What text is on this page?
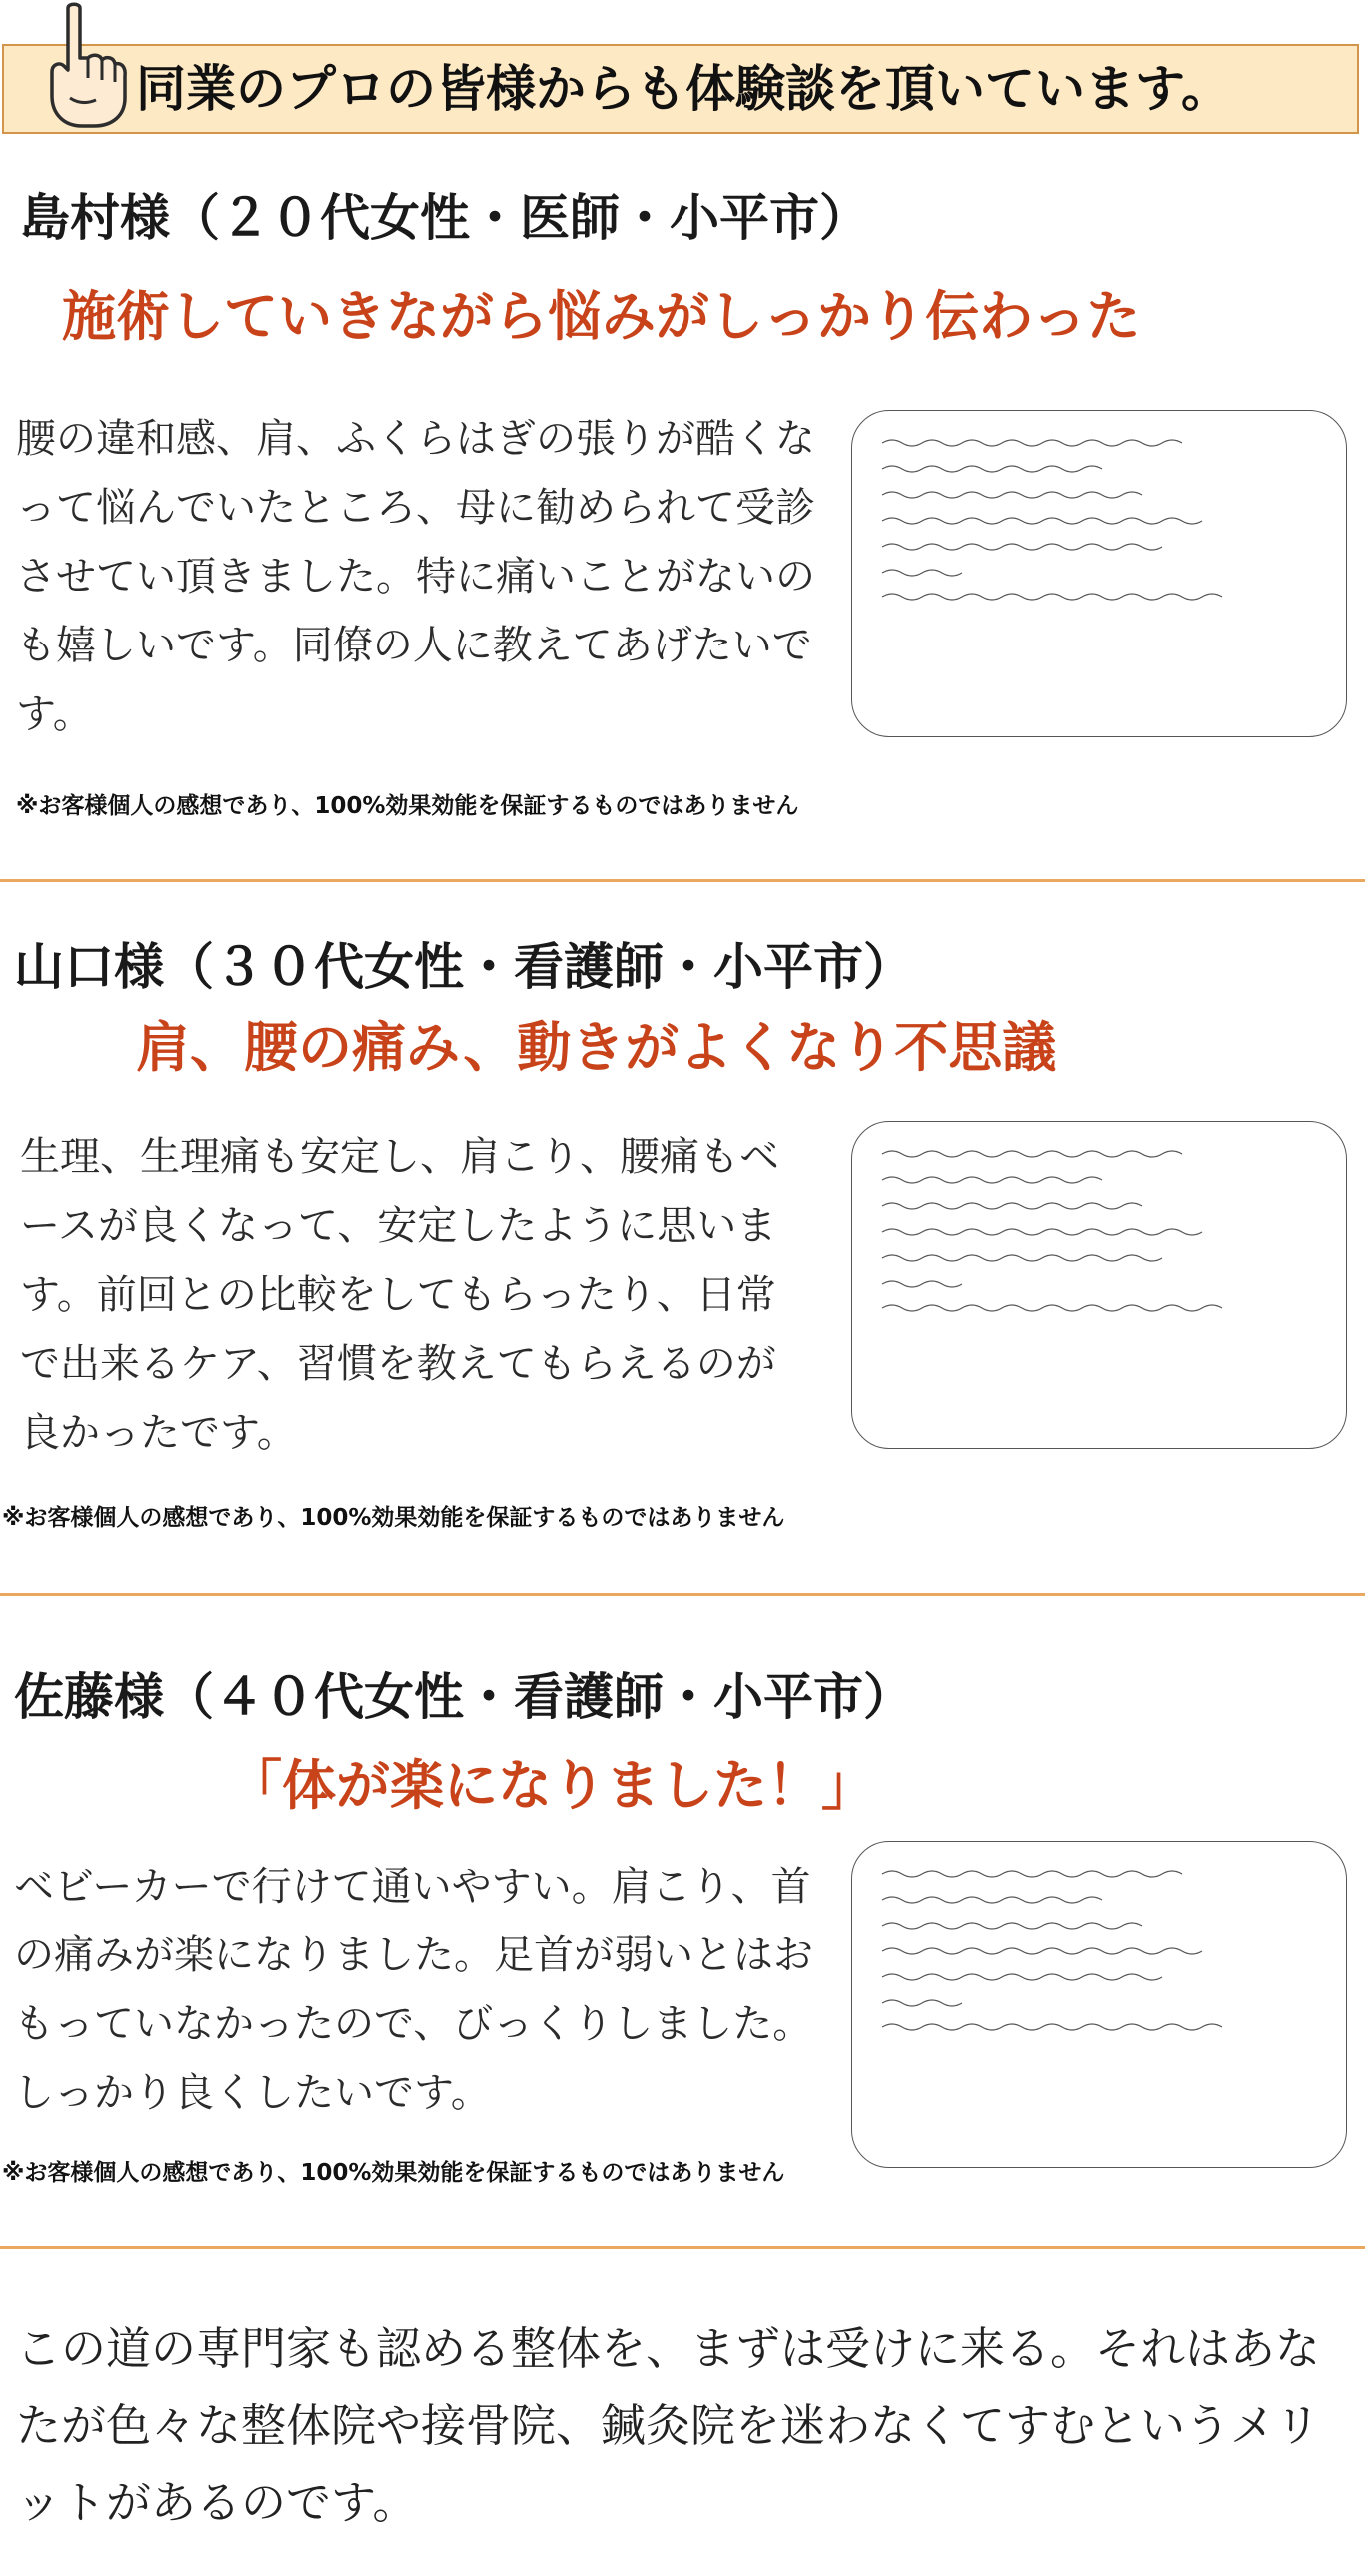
同業のプロの皆様からも体験談を頂いています。
島村様（２０代女性・医師・小平市）
施術していきながら悩みがしっかり伝わった

腰の違和感、肩、ふくらはぎの張りが酷くなって悩んでいたところ、母に勧められて受診させてい頂きました。特に痛いことがないのも嬉しいです。同僚の人に教えてあげたいです。

※お客様個人の感想であり、100%効果効能を保証するものではありません
山口様（３０代女性・看護師・小平市）
肩、腰の痛み、動きがよくなり不思議

生理、生理痛も安定し、肩こり、腰痛もベースが良くなって、安定したように思います。前回との比較をしてもらったり、日常で出来るケア、習慣を教えてもらえるのが良かったです。

※お客様個人の感想であり、100%効果効能を保証するものではありません
佐藤様（４０代女性・看護師・小平市）
「体が楽になりました！」

ベビーカーで行けて通いやすい。肩こり、首の痛みが楽になりました。足首が弱いとはおもっていなかったので、びっくりしました。しっかり良くしたいです。

※お客様個人の感想であり、100%効果効能を保証するものではありません

この道の専門家も認める整体を、まずは受けに来る。それはあなたが色々な整体院や接骨院、鍼灸院を迷わなくてすむというメリットがあるのです。
